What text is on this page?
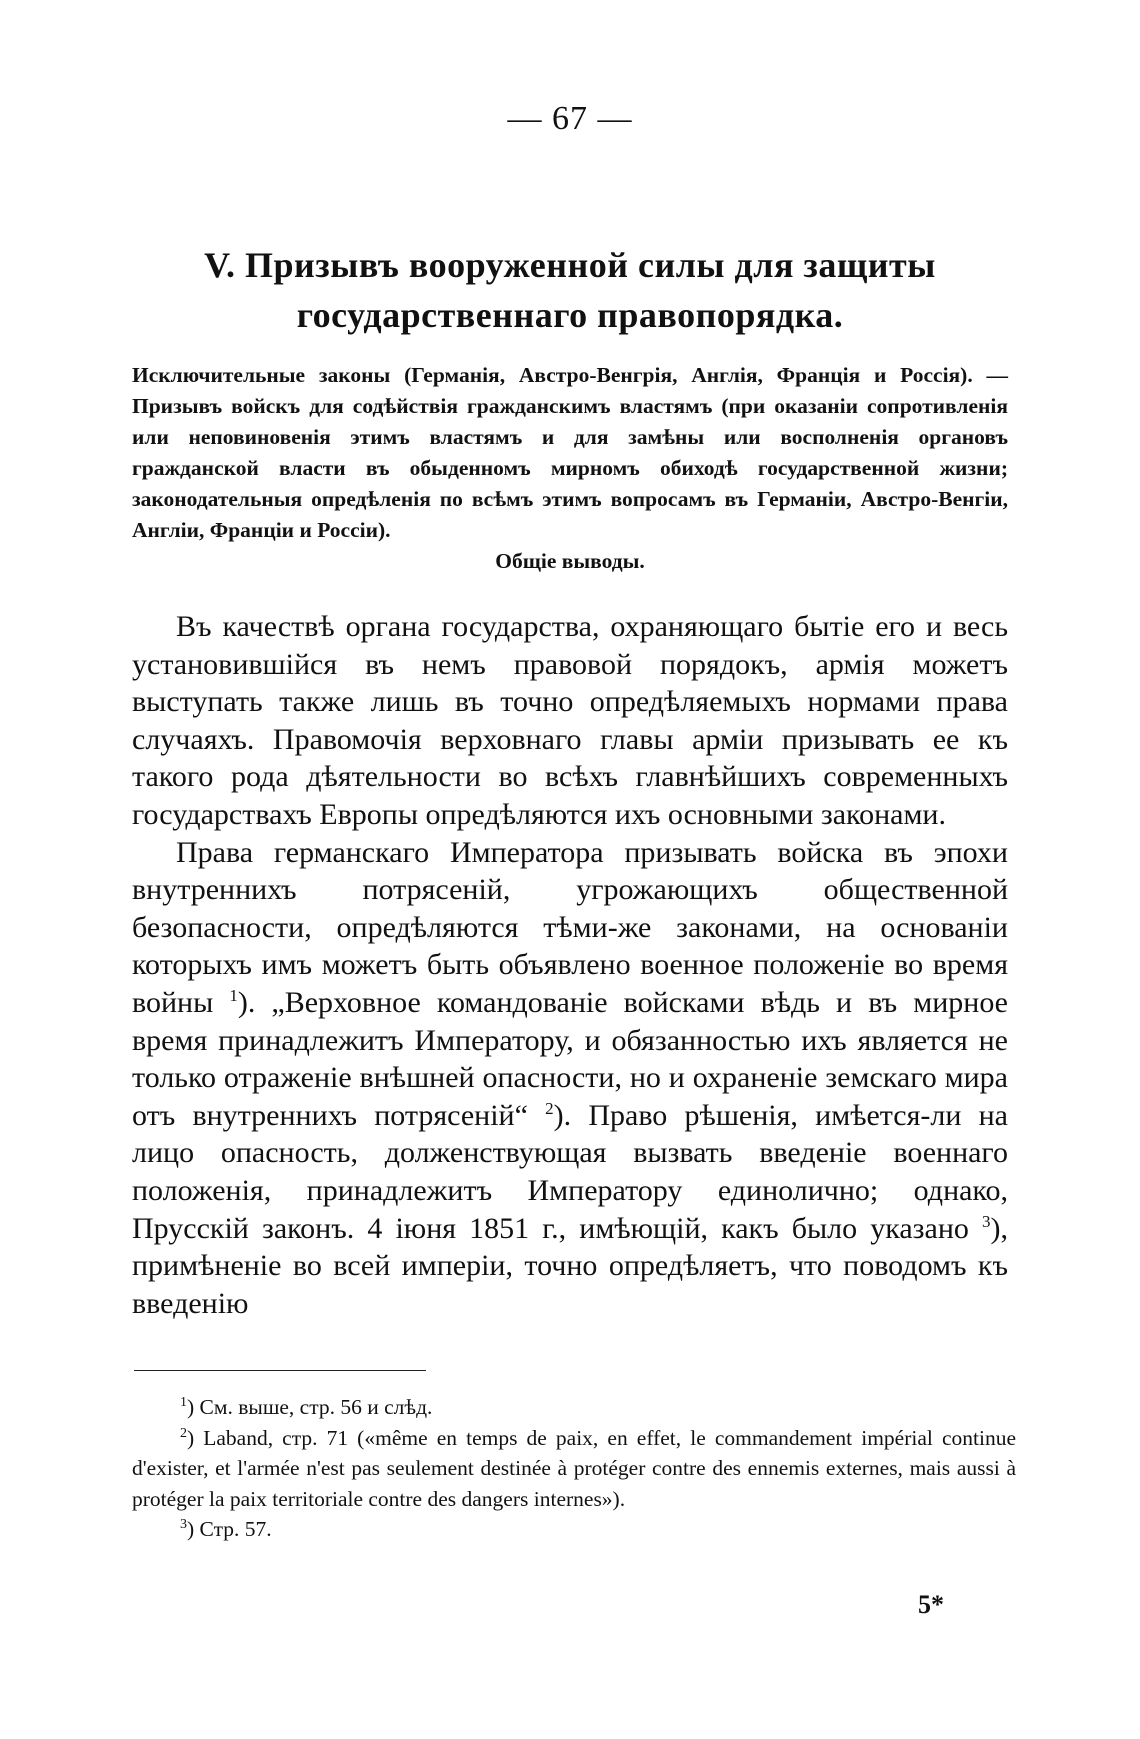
— 67 —
V. Призывъ вооруженной силы для защиты
государственнаго правопорядка.
Исключительные законы (Германія, Австро-Венгрія, Англія, Франція и Россія). — Призывъ войскъ для содѣйствія гражданскимъ властямъ (при оказаніи сопротивленія или неповиновенія этимъ властямъ и для замѣны или восполненія органовъ гражданской власти въ обыденномъ мирномъ обиходѣ государственной жизни; законодательныя опредѣленія по всѣмъ этимъ вопросамъ въ Германіи, Австро-Венгіи, Англіи, Франціи и Россіи).
Общіе выводы.

Въ качествѣ органа государства, охраняющаго бытіе его и весь установившійся въ немъ правовой порядокъ, армія можетъ выступать также лишь въ точно опредѣляемыхъ нормами права случаяхъ. Правомочія верховнаго главы арміи призывать ее къ такого рода дѣятельности во всѣхъ главнѣйшихъ современныхъ государствахъ Европы опредѣляются ихъ основными законами.

Права германскаго Императора призывать войска въ эпохи внутреннихъ потрясеній, угрожающихъ общественной безопасности, опредѣляются тѣми-же законами, на основаніи которыхъ имъ можетъ быть объявлено военное положеніе во время войны $^1$). „Верховное командованіе войсками вѣдь и въ мирное время принадлежитъ Императору, и обязанностью ихъ является не только отраженіе внѣшней опасности, но и охраненіе земскаго мира отъ внутреннихъ потрясеній“ $^2$). Право рѣшенія, имѣется-ли на лицо опасность, долженствующая вызвать введеніе военнаго положенія, принадлежитъ Императору единолично; однако, Прусскій законъ. 4 іюня 1851 г., имѣющій, какъ было указано $^3$), примѣненіе во всей имперіи, точно опредѣляетъ, что поводомъ къ введенію

$^1$) См. выше, стр. 56 и слѣд.

$^2$) Laband, стр. 71 («même en temps de paix, en effet, le commandement impérial continue d'exister, et l'armée n'est pas seulement destinée à protéger contre des ennemis externes, mais aussi à protéger la paix territoriale contre des dangers internes»).

$^3$) Стр. 57.

5*
